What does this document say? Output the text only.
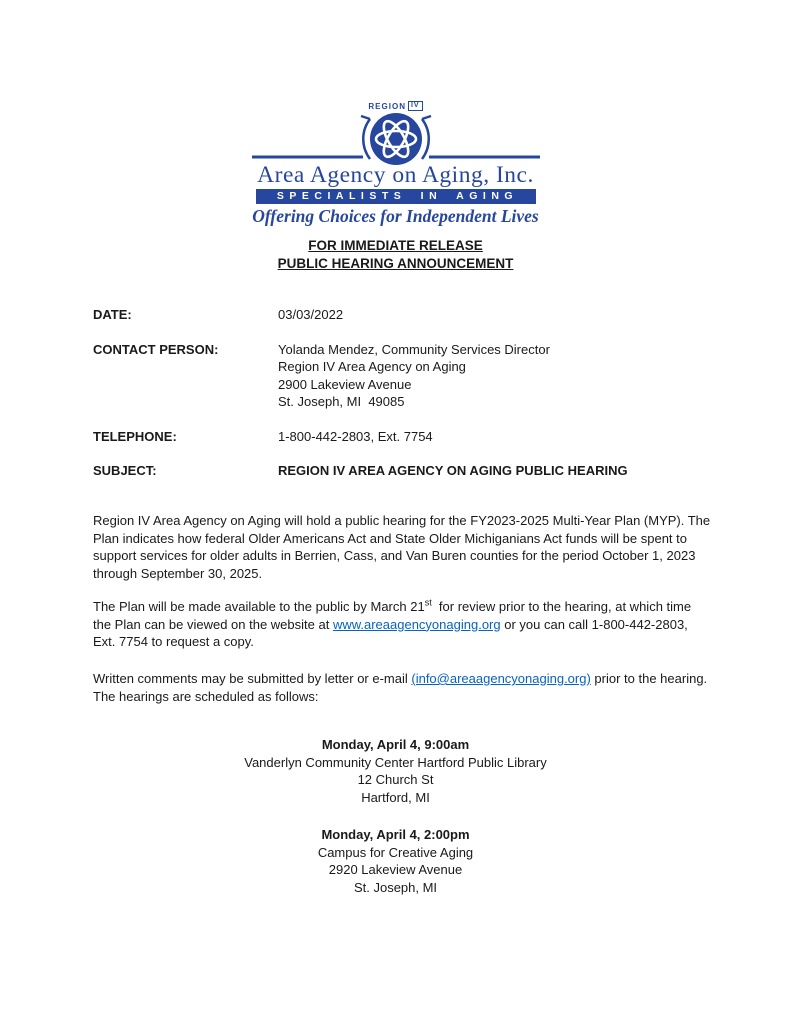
REGION IV
Area Agency on Aging, Inc.
SPECIALISTS IN AGING
Offering Choices for Independent Lives
FOR IMMEDIATE RELEASE
PUBLIC HEARING ANNOUNCEMENT
DATE:	03/03/2022
CONTACT PERSON:	Yolanda Mendez, Community Services Director
Region IV Area Agency on Aging
2900 Lakeview Avenue
St. Joseph, MI  49085
TELEPHONE:	1-800-442-2803, Ext. 7754
SUBJECT:	REGION IV AREA AGENCY ON AGING PUBLIC HEARING
Region IV Area Agency on Aging will hold a public hearing for the FY2023-2025 Multi-Year Plan (MYP). The Plan indicates how federal Older Americans Act and State Older Michiganians Act funds will be spent to support services for older adults in Berrien, Cass, and Van Buren counties for the period October 1, 2023 through September 30, 2025.
The Plan will be made available to the public by March 21st  for review prior to the hearing, at which time the Plan can be viewed on the website at www.areaagencyonaging.org or you can call 1-800-442-2803, Ext. 7754 to request a copy.
Written comments may be submitted by letter or e-mail (info@areaagencyonaging.org) prior to the hearing.  The hearings are scheduled as follows:
Monday, April 4, 9:00am
Vanderlyn Community Center Hartford Public Library
12 Church St
Hartford, MI
Monday, April 4, 2:00pm
Campus for Creative Aging
2920 Lakeview Avenue
St. Joseph, MI
